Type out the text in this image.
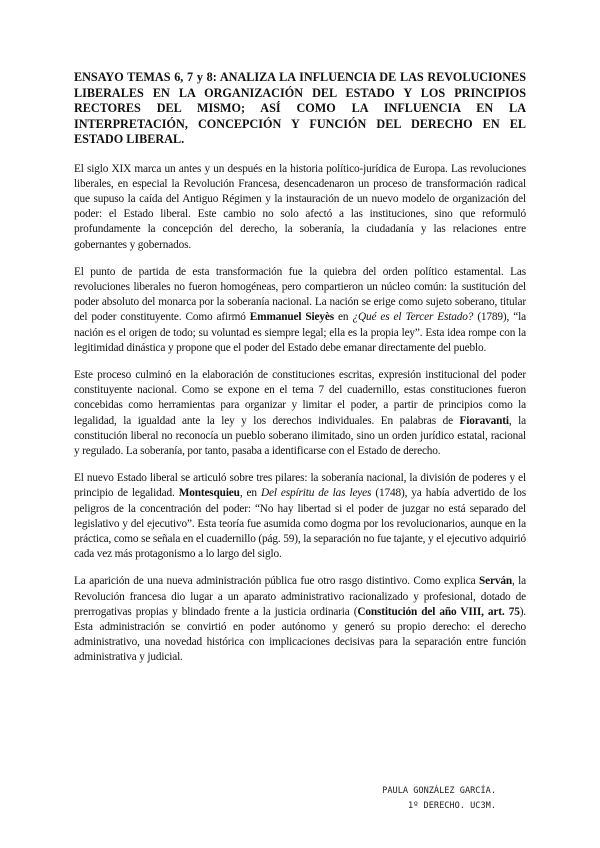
ENSAYO TEMAS 6, 7 y 8: ANALIZA LA INFLUENCIA DE LAS REVOLUCIONES LIBERALES EN LA ORGANIZACIÓN DEL ESTADO Y LOS PRINCIPIOS RECTORES DEL MISMO; ASÍ COMO LA INFLUENCIA EN LA INTERPRETACIÓN, CONCEPCIÓN Y FUNCIÓN DEL DERECHO EN EL ESTADO LIBERAL.

El siglo XIX marca un antes y un después en la historia político-jurídica de Europa. Las revoluciones liberales, en especial la Revolución Francesa, desencadenaron un proceso de transformación radical que supuso la caída del Antiguo Régimen y la instauración de un nuevo modelo de organización del poder: el Estado liberal. Este cambio no solo afectó a las instituciones, sino que reformuló profundamente la concepción del derecho, la soberanía, la ciudadanía y las relaciones entre gobernantes y gobernados.

El punto de partida de esta transformación fue la quiebra del orden político estamental. Las revoluciones liberales no fueron homogéneas, pero compartieron un núcleo común: la sustitución del poder absoluto del monarca por la soberanía nacional. La nación se erige como sujeto soberano, titular del poder constituyente. Como afirmó Emmanuel Sieyès en ¿Qué es el Tercer Estado? (1789), “la nación es el origen de todo; su voluntad es siempre legal; ella es la propia ley”. Esta idea rompe con la legitimidad dinástica y propone que el poder del Estado debe emanar directamente del pueblo.

Este proceso culminó en la elaboración de constituciones escritas, expresión institucional del poder constituyente nacional. Como se expone en el tema 7 del cuadernillo, estas constituciones fueron concebidas como herramientas para organizar y limitar el poder, a partir de principios como la legalidad, la igualdad ante la ley y los derechos individuales. En palabras de Fioravanti, la constitución liberal no reconocía un pueblo soberano ilimitado, sino un orden jurídico estatal, racional y regulado. La soberanía, por tanto, pasaba a identificarse con el Estado de derecho.

El nuevo Estado liberal se articuló sobre tres pilares: la soberanía nacional, la división de poderes y el principio de legalidad. Montesquieu, en Del espíritu de las leyes (1748), ya había advertido de los peligros de la concentración del poder: “No hay libertad si el poder de juzgar no está separado del legislativo y del ejecutivo”. Esta teoría fue asumida como dogma por los revolucionarios, aunque en la práctica, como se señala en el cuadernillo (pág. 59), la separación no fue tajante, y el ejecutivo adquirió cada vez más protagonismo a lo largo del siglo.

La aparición de una nueva administración pública fue otro rasgo distintivo. Como explica Serván, la Revolución francesa dio lugar a un aparato administrativo racionalizado y profesional, dotado de prerrogativas propias y blindado frente a la justicia ordinaria (Constitución del año VIII, art. 75). Esta administración se convirtió en poder autónomo y generó su propio derecho: el derecho administrativo, una novedad histórica con implicaciones decisivas para la separación entre función administrativa y judicial.

PAULA GONZÁLEZ GARCÍA.
1º DERECHO. UC3M.
